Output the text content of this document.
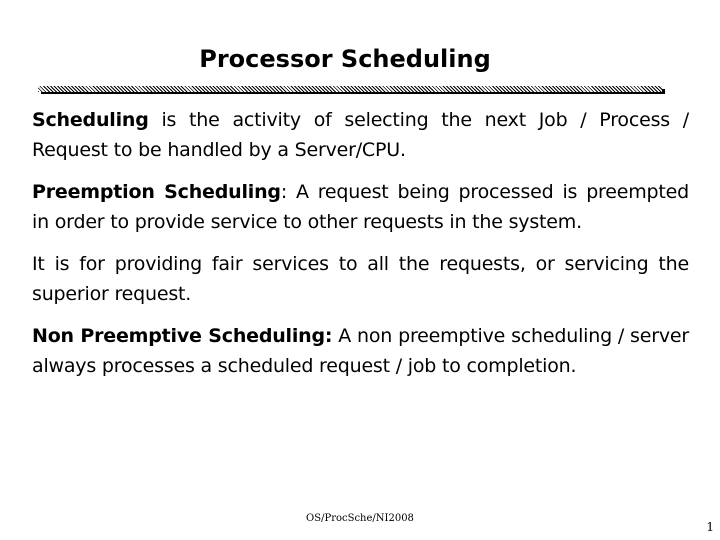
Processor Scheduling

Scheduling is the activity of selecting the next Job / Process / Request to be handled by a Server/CPU.

Preemption Scheduling: A request being processed is preempted in order to provide service to other requests in the system.

It is for providing fair services to all the requests, or servicing the superior request.

Non Preemptive Scheduling: A non preemptive scheduling / server always processes a scheduled request / job to completion.

OS/ProcSche/NI2008
1
